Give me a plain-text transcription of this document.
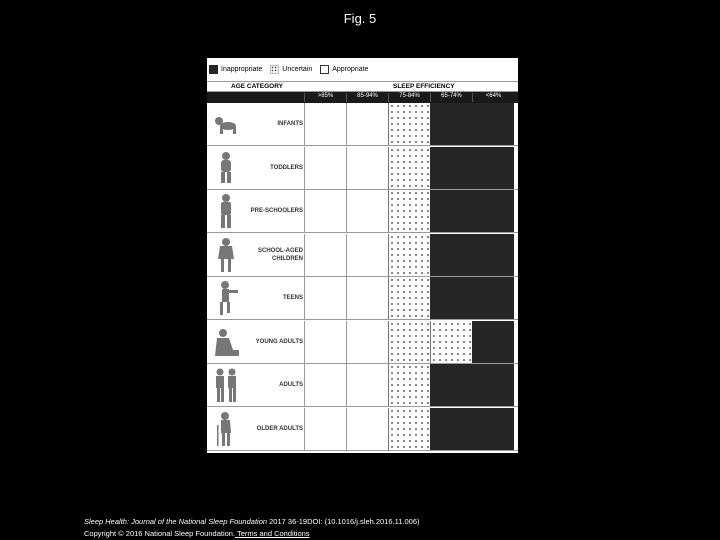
Fig. 5
Inappropriate	Uncertain	Appropriate
AGE CATEGORY	SLEEP EFFICIENCY
>85%	85-94%	75-84%	65-74%	<64%
INFANTS
TODDLERS
PRE-SCHOOLERS
SCHOOL-AGED CHILDREN
TEENS
YOUNG ADULTS
ADULTS
OLDER ADULTS
Sleep Health: Journal of the National Sleep Foundation 2017 36-19DOI: (10.1016/j.sleh.2016.11.006)
Copyright © 2016 National Sleep Foundation. Terms and Conditions
